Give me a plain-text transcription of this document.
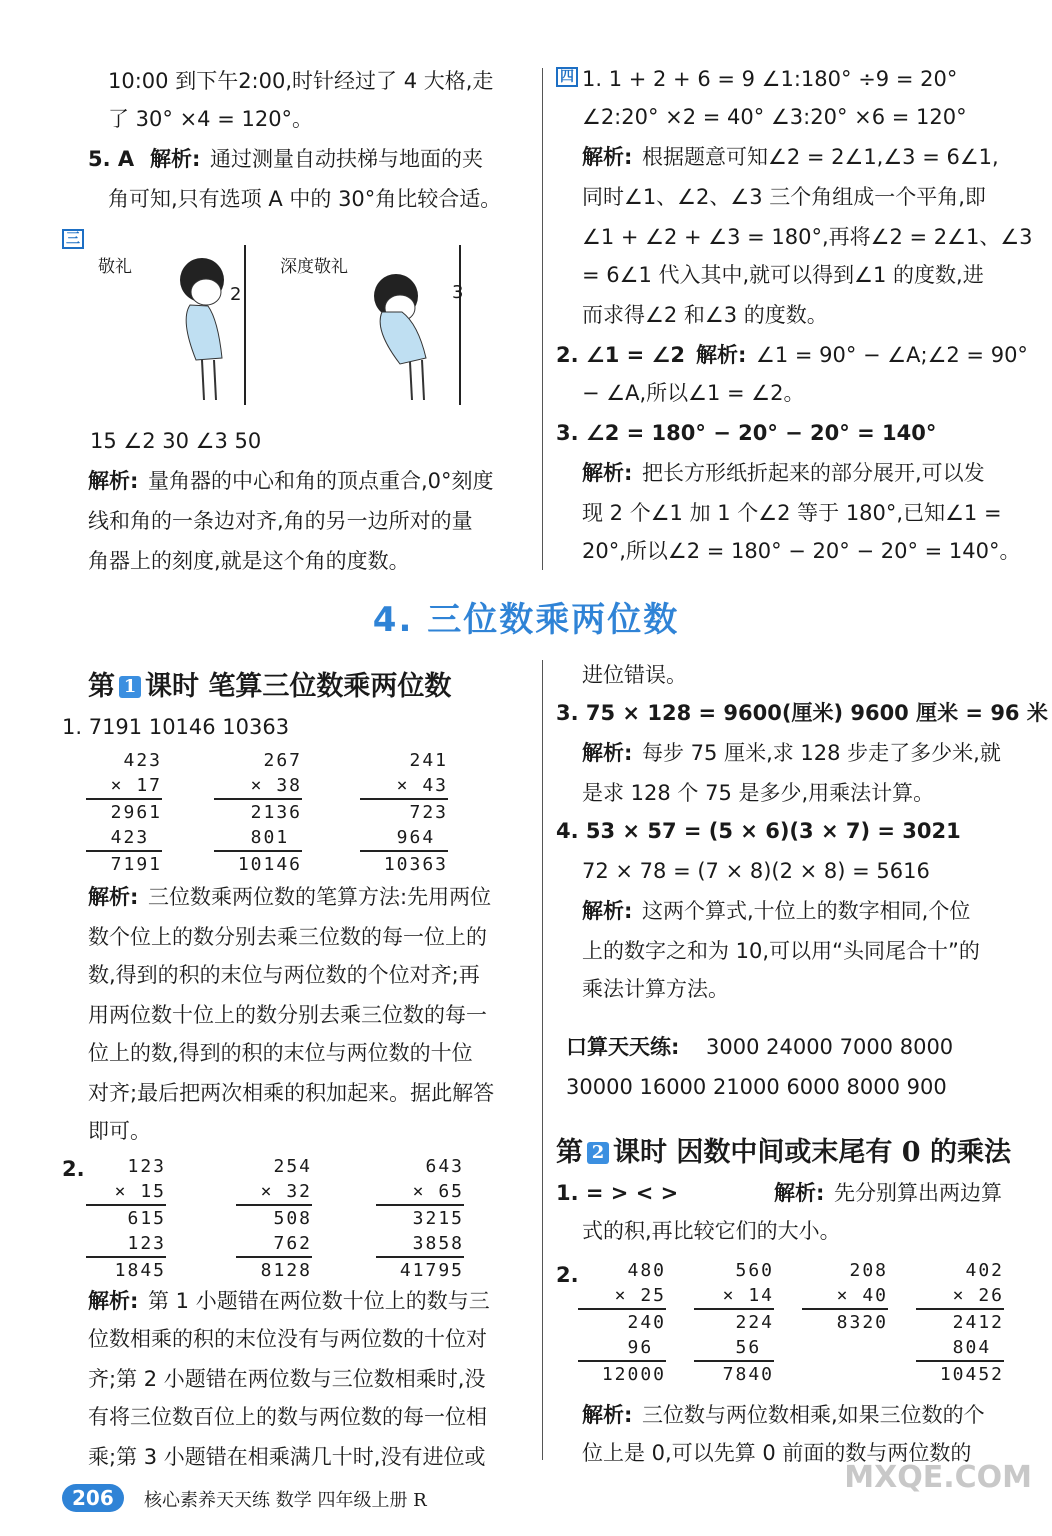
10:00 到下午2:00,时针经过了 4 大格,走
了 30° ×4 = 120°。
5. A 解析: 通过测量自动扶梯与地面的夹
角可知,只有选项 A 中的 30°角比较合适。
三
敬礼
2
深度敬礼
3
15 ∠2 30 ∠3 50
解析: 量角器的中心和角的顶点重合,0°刻度
线和角的一条边对齐,角的另一边所对的量
角器上的刻度,就是这个角的度数。
四 1. 1 + 2 + 6 = 9 ∠1:180° ÷9 = 20°
∠2:20° ×2 = 40° ∠3:20° ×6 = 120°
解析: 根据题意可知∠2 = 2∠1,∠3 = 6∠1,
同时∠1、∠2、∠3 三个角组成一个平角,即
∠1 + ∠2 + ∠3 = 180°,再将∠2 = 2∠1、∠3
= 6∠1 代入其中,就可以得到∠1 的度数,进
而求得∠2 和∠3 的度数。
2. ∠1 = ∠2 解析: ∠1 = 90° − ∠A;∠2 = 90°
− ∠A,所以∠1 = ∠2。
3. ∠2 = 180° − 20° − 20° = 140°
解析: 把长方形纸折起来的部分展开,可以发
现 2 个∠1 加 1 个∠2 等于 180°,已知∠1 =
20°,所以∠2 = 180° − 20° − 20° = 140°。
4. 三位数乘两位数
第 1 课时 笔算三位数乘两位数
1. 7191 10146 10363
423
× 17
2961
423
7191
267
× 38
2136
801
10146
241
× 43
723
964
10363
解析: 三位数乘两位数的笔算方法:先用两位
数个位上的数分别去乘三位数的每一位上的
数,得到的积的末位与两位数的个位对齐;再
用两位数十位上的数分别去乘三位数的每一
位上的数,得到的积的末位与两位数的十位
对齐;最后把两次相乘的积加起来。据此解答
即可。
2.	123
× 15
615
123
1845
254
× 32
508
762
8128
643
× 65
3215
3858
41795
解析: 第 1 小题错在两位数十位上的数与三
位数相乘的积的末位没有与两位数的十位对
齐;第 2 小题错在两位数与三位数相乘时,没
有将三位数百位上的数与两位数的每一位相
乘;第 3 小题错在相乘满几十时,没有进位或
进位错误。
3. 75 × 128 = 9600(厘米) 9600 厘米 = 96 米
解析: 每步 75 厘米,求 128 步走了多少米,就
是求 128 个 75 是多少,用乘法计算。
4. 53 × 57 = (5 × 6)(3 × 7) = 3021
72 × 78 = (7 × 8)(2 × 8) = 5616
解析: 这两个算式,十位上的数字相同,个位
上的数字之和为 10,可以用“头同尾合十”的
乘法计算方法。
口算天天练: 3000 24000 7000 8000
30000 16000 21000 6000 8000 900
第 2 课时 因数中间或末尾有 0 的乘法
1. = > < >	解析: 先分别算出两边算
式的积,再比较它们的大小。
2.	480
× 25
240
96
12000
560
× 14
224
56
7840
208
× 40
8320
402
× 26
2412
804
10452
解析: 三位数与两位数相乘,如果三位数的个
位上是 0,可以先算 0 前面的数与两位数的
206	核心素养天天练 数学 四年级上册 R
MXQE.COM
